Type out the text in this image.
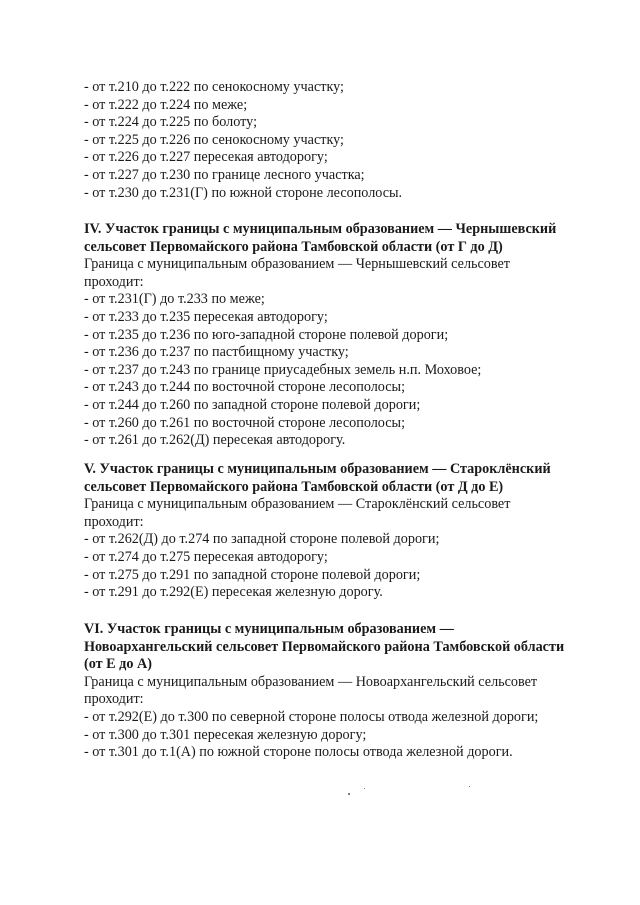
- от т.210 до т.222 по сенокосному участку;
- от т.222 до т.224 по меже;
- от т.224 до т.225 по болоту;
- от т.225 до т.226 по сенокосному участку;
- от т.226 до т.227 пересекая автодорогу;
- от т.227 до т.230 по границе лесного участка;
- от т.230 до т.231(Г) по южной стороне лесополосы.
IV. Участок границы с муниципальным образованием — Чернышевский
сельсовет Первомайского района Тамбовской области (от Г до Д)
Граница с муниципальным образованием — Чернышевский сельсовет
проходит:
- от т.231(Г) до т.233 по меже;
- от т.233 до т.235 пересекая автодорогу;
- от т.235 до т.236 по юго-западной стороне полевой дороги;
- от т.236 до т.237 по пастбищному участку;
- от т.237 до т.243 по границе приусадебных земель н.п. Моховое;
- от т.243 до т.244 по восточной стороне лесополосы;
- от т.244 до т.260 по западной стороне полевой дороги;
- от т.260 до т.261 по восточной стороне лесополосы;
- от т.261 до т.262(Д) пересекая автодорогу.
V. Участок границы с муниципальным образованием — Староклёнский
сельсовет Первомайского района Тамбовской области (от Д до Е)
Граница с муниципальным образованием — Староклёнский сельсовет
проходит:
- от т.262(Д) до т.274 по западной стороне полевой дороги;
- от т.274 до т.275 пересекая автодорогу;
- от т.275 до т.291 по западной стороне полевой дороги;
- от т.291 до т.292(Е) пересекая железную дорогу.
VI. Участок границы с муниципальным образованием —
Новоархангельский сельсовет Первомайского района Тамбовской области
(от Е до А)
Граница с муниципальным образованием — Новоархангельский сельсовет
проходит:
- от т.292(Е) до т.300 по северной стороне полосы отвода железной дороги;
- от т.300 до т.301 пересекая железную дорогу;
- от т.301 до т.1(А) по южной стороне полосы отвода железной дороги.
